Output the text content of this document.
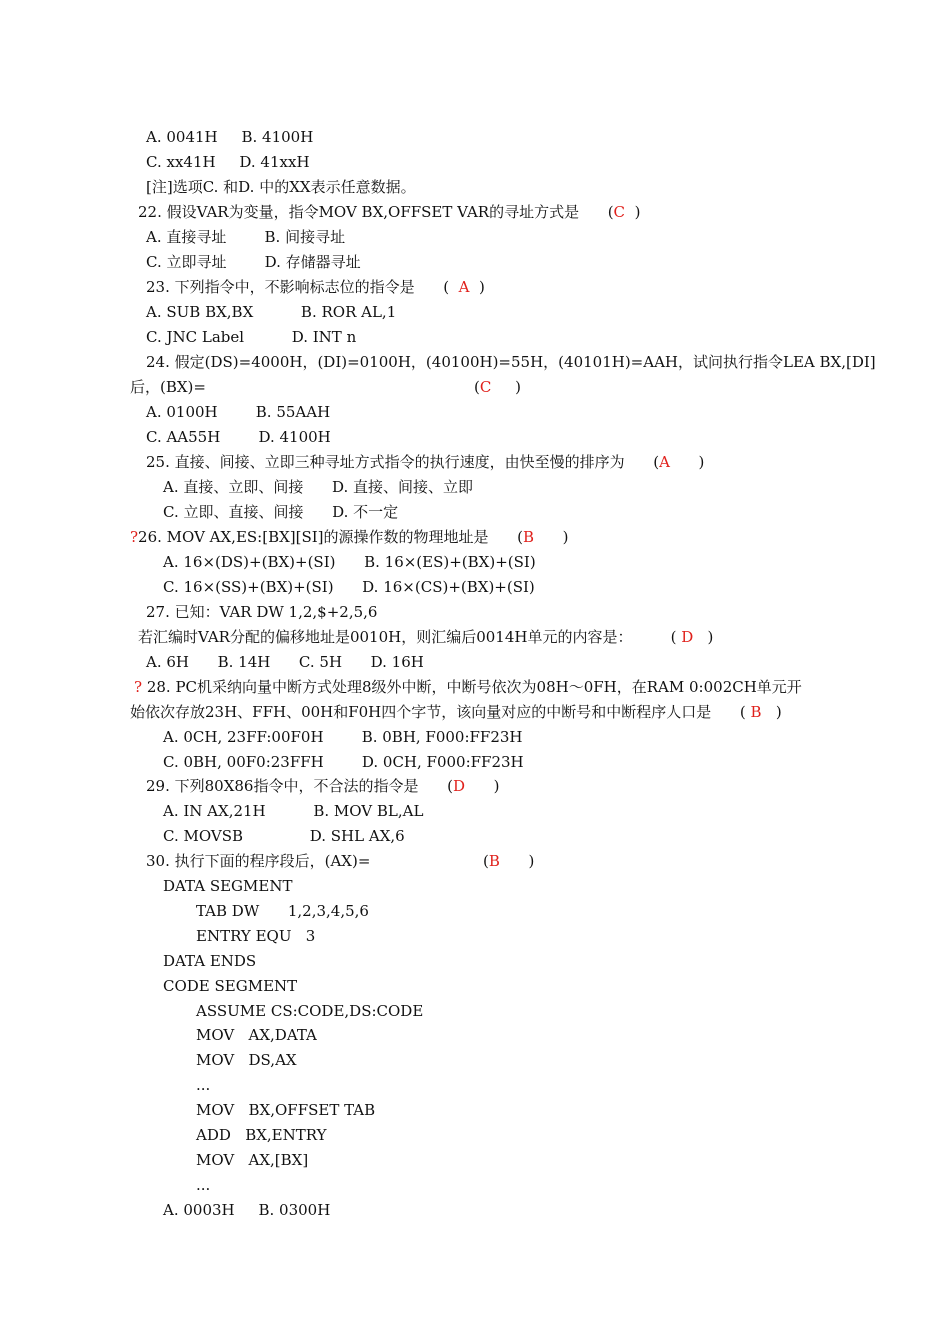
A. 0041H     B. 4100H
C. xx41H     D. 41xxH
[注]选项C. 和D. 中的XX表示任意数据。
22. 假设VAR为变量，指令MOV BX,OFFSET VAR的寻址方式是      (C  )
A. 直接寻址        B. 间接寻址
C. 立即寻址        D. 存储器寻址
23. 下列指令中，不影响标志位的指令是      (  A  )
A. SUB BX,BX          B. ROR AL,1
C. JNC Label          D. INT n
24. 假定(DS)=4000H，(DI)=0100H，(40100H)=55H，(40101H)=AAH，试问执行指令LEA BX,[DI]
后，(BX)=	(C     )
A. 0100H        B. 55AAH
C. AA55H        D. 4100H
25. 直接、间接、立即三种寻址方式指令的执行速度，由快至慢的排序为      (A      )
A. 直接、立即、间接      D. 直接、间接、立即
C. 立即、直接、间接      D. 不一定
?26. MOV AX,ES:[BX][SI]的源操作数的物理地址是      (B      )
A. 16×(DS)+(BX)+(SI)      B. 16×(ES)+(BX)+(SI)
C. 16×(SS)+(BX)+(SI)      D. 16×(CS)+(BX)+(SI)
27. 已知：VAR DW 1,2,$+2,5,6
若汇编时VAR分配的偏移地址是0010H，则汇编后0014H单元的内容是：        ( D   )
A. 6H      B. 14H      C. 5H      D. 16H
? 28. PC机采纳向量中断方式处理8级外中断，中断号依次为08H～0FH，在RAM 0:002CH单元开
始依次存放23H、FFH、00H和F0H四个字节，该向量对应的中断号和中断程序人口是      ( B   )
A. 0CH, 23FF:00F0H        B. 0BH, F000:FF23H
C. 0BH, 00F0:23FFH        D. 0CH, F000:FF23H
29. 下列80X86指令中，不合法的指令是      (D      )
A. IN AX,21H          B. MOV BL,AL
C. MOVSB              D. SHL AX,6
30. 执行下面的程序段后，(AX)=	(B      )
DATA SEGMENT
TAB DW      1,2,3,4,5,6
ENTRY EQU   3
DATA ENDS
CODE SEGMENT
ASSUME CS:CODE,DS:CODE
MOV   AX,DATA
MOV   DS,AX
...
MOV   BX,OFFSET TAB
ADD   BX,ENTRY
MOV   AX,[BX]
...
A. 0003H     B. 0300H
